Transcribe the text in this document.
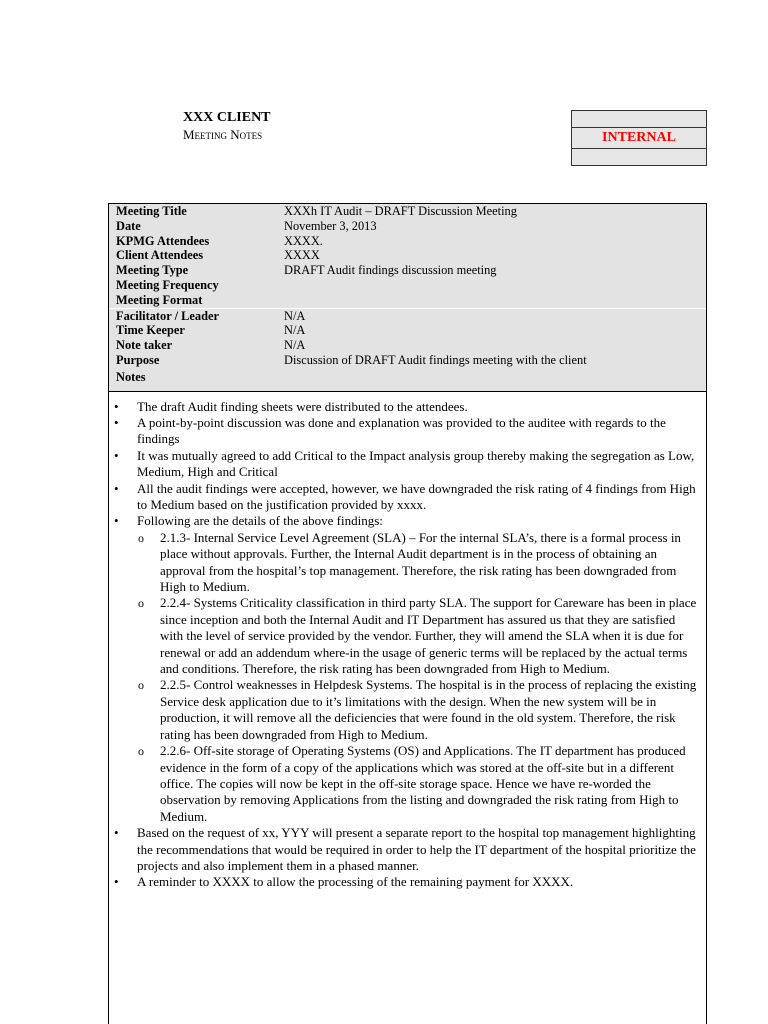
XXX CLIENT
Meeting Notes	INTERNAL

Meeting Title	XXXh IT Audit – DRAFT Discussion Meeting
Date	November 3, 2013
KPMG Attendees	XXXX.
Client Attendees	XXXX
Meeting Type	DRAFT Audit findings discussion meeting
Meeting Frequency
Meeting Format
Facilitator / Leader	N/A
Time Keeper	N/A
Note taker	N/A
Purpose	Discussion of DRAFT Audit findings meeting with the client
Notes
• The draft Audit finding sheets were distributed to the attendees.
• A point-by-point discussion was done and explanation was provided to the auditee with regards to the findings
• It was mutually agreed to add Critical to the Impact analysis group thereby making the segregation as Low, Medium, High and Critical
• All the audit findings were accepted, however, we have downgraded the risk rating of 4 findings from High to Medium based on the justification provided by xxxx.
• Following are the details of the above findings:
o 2.1.3- Internal Service Level Agreement (SLA) – For the internal SLA’s, there is a formal process in place without approvals. Further, the Internal Audit department is in the process of obtaining an approval from the hospital’s top management. Therefore, the risk rating has been downgraded from High to Medium.
o 2.2.4- Systems Criticality classification in third party SLA. The support for Careware has been in place since inception and both the Internal Audit and IT Department has assured us that they are satisfied with the level of service provided by the vendor. Further, they will amend the SLA when it is due for renewal or add an addendum where-in the usage of generic terms will be replaced by the actual terms and conditions. Therefore, the risk rating has been downgraded from High to Medium.
o 2.2.5- Control weaknesses in Helpdesk Systems. The hospital is in the process of replacing the existing Service desk application due to it’s limitations with the design. When the new system will be in production, it will remove all the deficiencies that were found in the old system. Therefore, the risk rating has been downgraded from High to Medium.
o 2.2.6- Off-site storage of Operating Systems (OS) and Applications. The IT department has produced evidence in the form of a copy of the applications which was stored at the off-site but in a different office. The copies will now be kept in the off-site storage space. Hence we have re-worded the observation by removing Applications from the listing and downgraded the risk rating from High to Medium.
• Based on the request of xx, YYY will present a separate report to the hospital top management highlighting the recommendations that would be required in order to help the IT department of the hospital prioritize the projects and also implement them in a phased manner.
• A reminder to XXXX to allow the processing of the remaining payment for XXXX.
